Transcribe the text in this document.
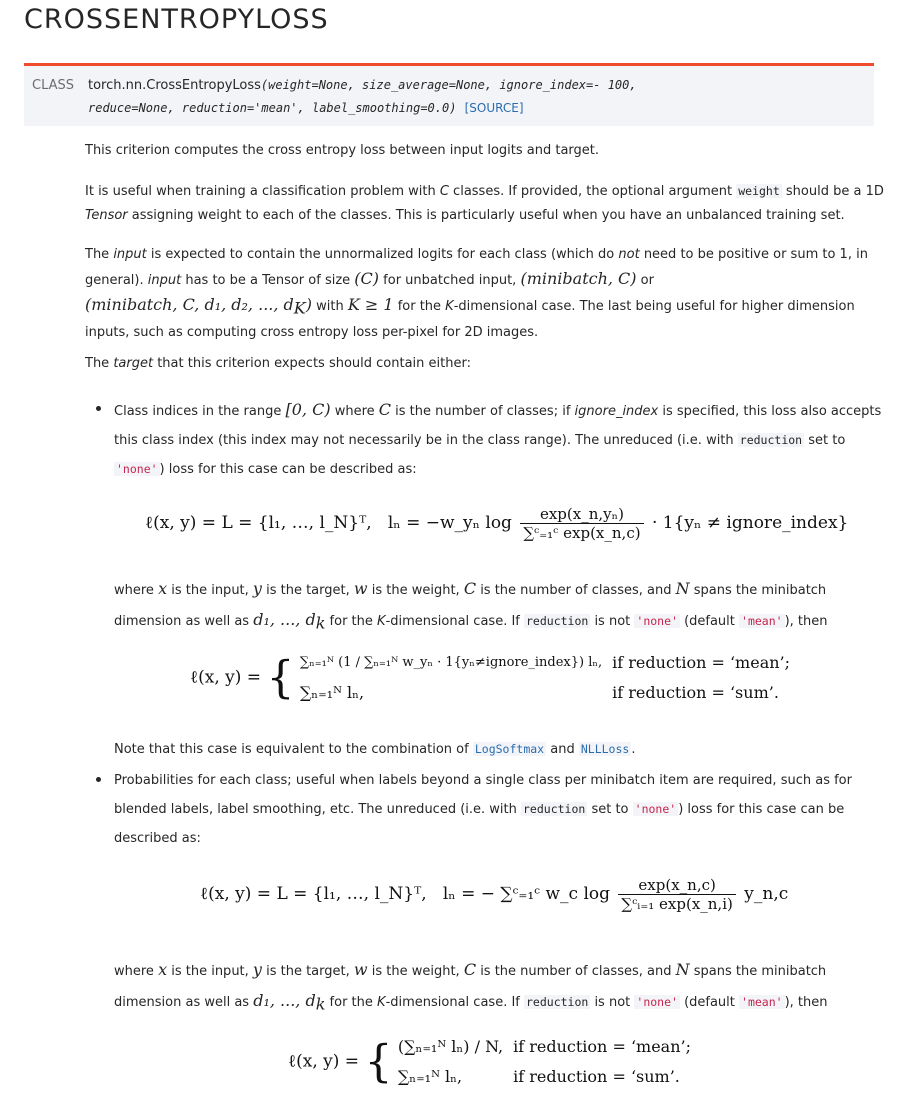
CROSSENTROPYLOSS
CLASS torch.nn.CrossEntropyLoss(weight=None, size_average=None, ignore_index=- 100,
reduce=None, reduction='mean', label_smoothing=0.0) [SOURCE]
This criterion computes the cross entropy loss between input logits and target.
It is useful when training a classification problem with C classes. If provided, the optional argument weight should be a 1D
Tensor assigning weight to each of the classes. This is particularly useful when you have an unbalanced training set.
The input is expected to contain the unnormalized logits for each class (which do not need to be positive or sum to 1, in
general). input has to be a Tensor of size (C) for unbatched input, (minibatch, C) or
(minibatch, C, d₁, d₂, ..., $d_K$) with K ≥ 1 for the K-dimensional case. The last being useful for higher dimension
inputs, such as computing cross entropy loss per-pixel for 2D images.
The target that this criterion expects should contain either:
Class indices in the range [0, C) where C is the number of classes; if ignore_index is specified, this loss also accepts
this class index (this index may not necessarily be in the class range). The unreduced (i.e. with reduction set to
'none' ) loss for this case can be described as:
ℓ(x, y) = L = {l₁, …, l_N}ᵀ, lₙ = −w_yₙ $\log \frac{\text{exp(x\_n,yₙ)}}{\text{∑ᶜ₌₁ᶜ exp(x\_n,c)}} \cdot 1\{y_n$ ≠ ignore_index}
where x is the input, y is the target, w is the weight, C is the number of classes, and N spans the minibatch
dimension as well as d₁, ..., $d_k$ for the K-dimensional case. If reduction is not 'none' (default 'mean' ), then
ℓ(x, y) = { ∑ₙ₌₁ᴺ (1 / ∑ₙ₌₁ᴺ w_yₙ · 1{yₙ≠ignore_index}) lₙ,	if reduction = ‘mean’;
∑ₙ₌₁ᴺ lₙ,	if reduction = ‘sum’.
Note that this case is equivalent to the combination of LogSoftmax and NLLLoss .
Probabilities for each class; useful when labels beyond a single class per minibatch item are required, such as for
blended labels, label smoothing, etc. The unreduced (i.e. with reduction set to 'none' ) loss for this case can be
described as:
ℓ(x, y) = L = {l₁, …, l_N}ᵀ, lₙ = − ∑ᶜ₌₁ᶜ w_c $\log \frac{\exp(x\_n,c)}{\text{∑ᶜᵢ₌₁ exp(x\_n,i)}}$ y_n,c
where x is the input, y is the target, w is the weight, C is the number of classes, and N spans the minibatch
dimension as well as d₁, ..., $d_k$ for the K-dimensional case. If reduction is not 'none' (default 'mean' ), then
ℓ(x, y) = { (∑ₙ₌₁ᴺ lₙ) / N,	if reduction = ‘mean’;
∑ₙ₌₁ᴺ lₙ,	if reduction = ‘sum’.
